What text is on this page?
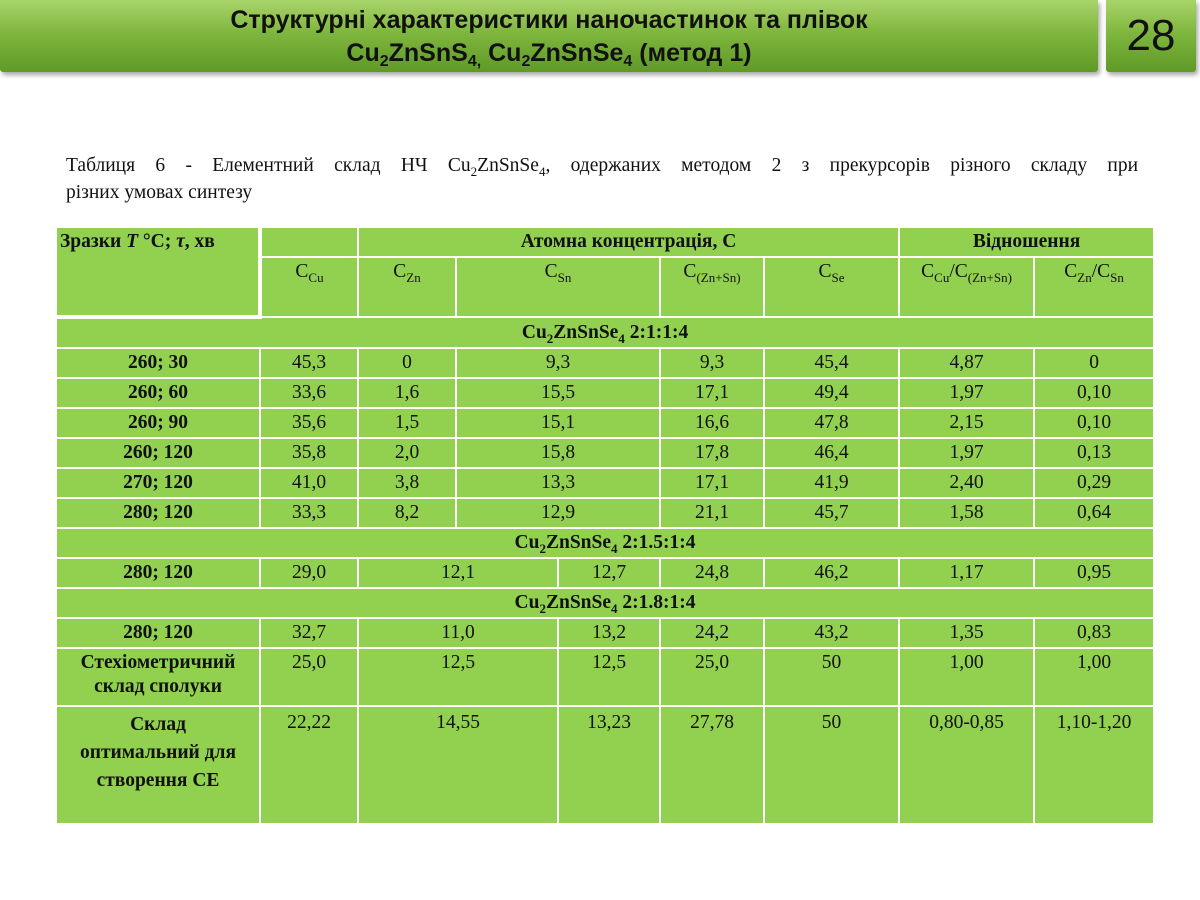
Структурні характеристики наночастинок та плівок
$Cu_2ZnSnS_{4,}$ $Cu_2ZnSnSe_4$ (метод 1)	28
Таблиця 6 - Елементний склад НЧ $Cu_2ZnSnSe_4$, одержаних методом 2 з прекурсорів різного складу при
різних умовах синтезу
Зразки T °C; τ, хв		Атомна концентрація, С					Відношення	
	$C_{Cu}$	$C_{Zn}$	$C_{Sn}$		$C_{(Zn+Sn)}$	$C_{Se}$	$C_{Cu}/C_{(Zn+Sn)}$	$C_{Zn}/C_{Sn}$
$Cu_2ZnSnSe_4$ 2:1:1:4								
260; 30	45,3	0	9,3		9,3	45,4	4,87	0
260; 60	33,6	1,6	15,5		17,1	49,4	1,97	0,10
260; 90	35,6	1,5	15,1		16,6	47,8	2,15	0,10
260; 120	35,8	2,0	15,8		17,8	46,4	1,97	0,13
270; 120	41,0	3,8	13,3		17,1	41,9	2,40	0,29
280; 120	33,3	8,2	12,9		21,1	45,7	1,58	0,64
$Cu_2ZnSnSe_4$ 2:1.5:1:4								
280; 120	29,0	12,1		12,7	24,8	46,2	1,17	0,95
$Cu_2ZnSnSe_4$ 2:1.8:1:4								
280; 120	32,7	11,0		13,2	24,2	43,2	1,35	0,83

Стехіометричний
склад сполуки	25,0	12,5		12,5	25,0	50	1,00	1,00

Склад
оптимальний для
створення СЕ	22,22	14,55		13,23	27,78	50	0,80-0,85	1,10-1,20
